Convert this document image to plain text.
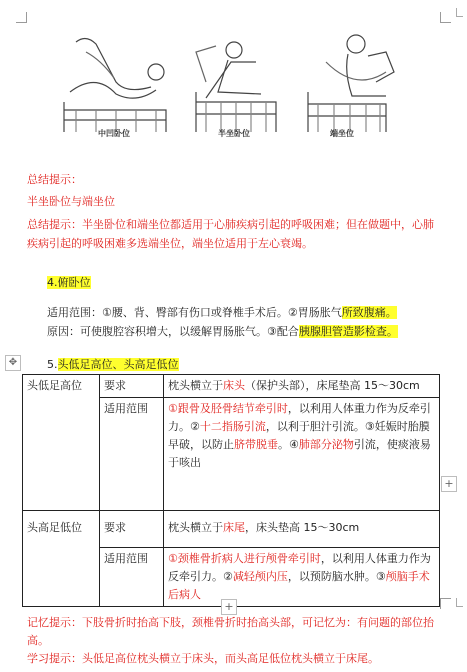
中凹卧位	半坐卧位	端坐位
总结提示：
半坐卧位与端坐位
总结提示：半坐卧位和端坐位都适用于心肺疾病引起的呼吸困难；但在做题中，心肺疾病引起的呼吸困难多选端坐位，端坐位适用于左心衰竭。
4.俯卧位
适用范围：①腰、背、臀部有伤口或脊椎手术后。②胃肠胀气所致腹痛。
原因：可使腹腔容积增大，以缓解胃肠胀气。③配合胰腺胆管造影检查。
✥	5.头低足高位、头高足低位
头低足高位	要求	枕头横立于床头（保护头部），床尾垫高 15～30cm
	适用范围	①跟骨及胫骨结节牵引时，以利用人体重力作为反牵引力。②十二指肠引流，以利于胆汁引流。③妊娠时胎膜早破，以防止脐带脱垂。④肺部分泌物引流，使痰液易于咳出
头高足低位	要求	枕头横立于床尾，床头垫高 15～30cm
	适用范围	①颈椎骨折病人进行颅骨牵引时，以利用人体重力作为反牵引力。②减轻颅内压，以预防脑水肿。③颅脑手术后病人
+
+
记忆提示：下肢骨折时抬高下肢，颈椎骨折时抬高头部，可记忆为：有问题的部位抬高。
学习提示：头低足高位枕头横立于床头，而头高足低位枕头横立于床尾。
